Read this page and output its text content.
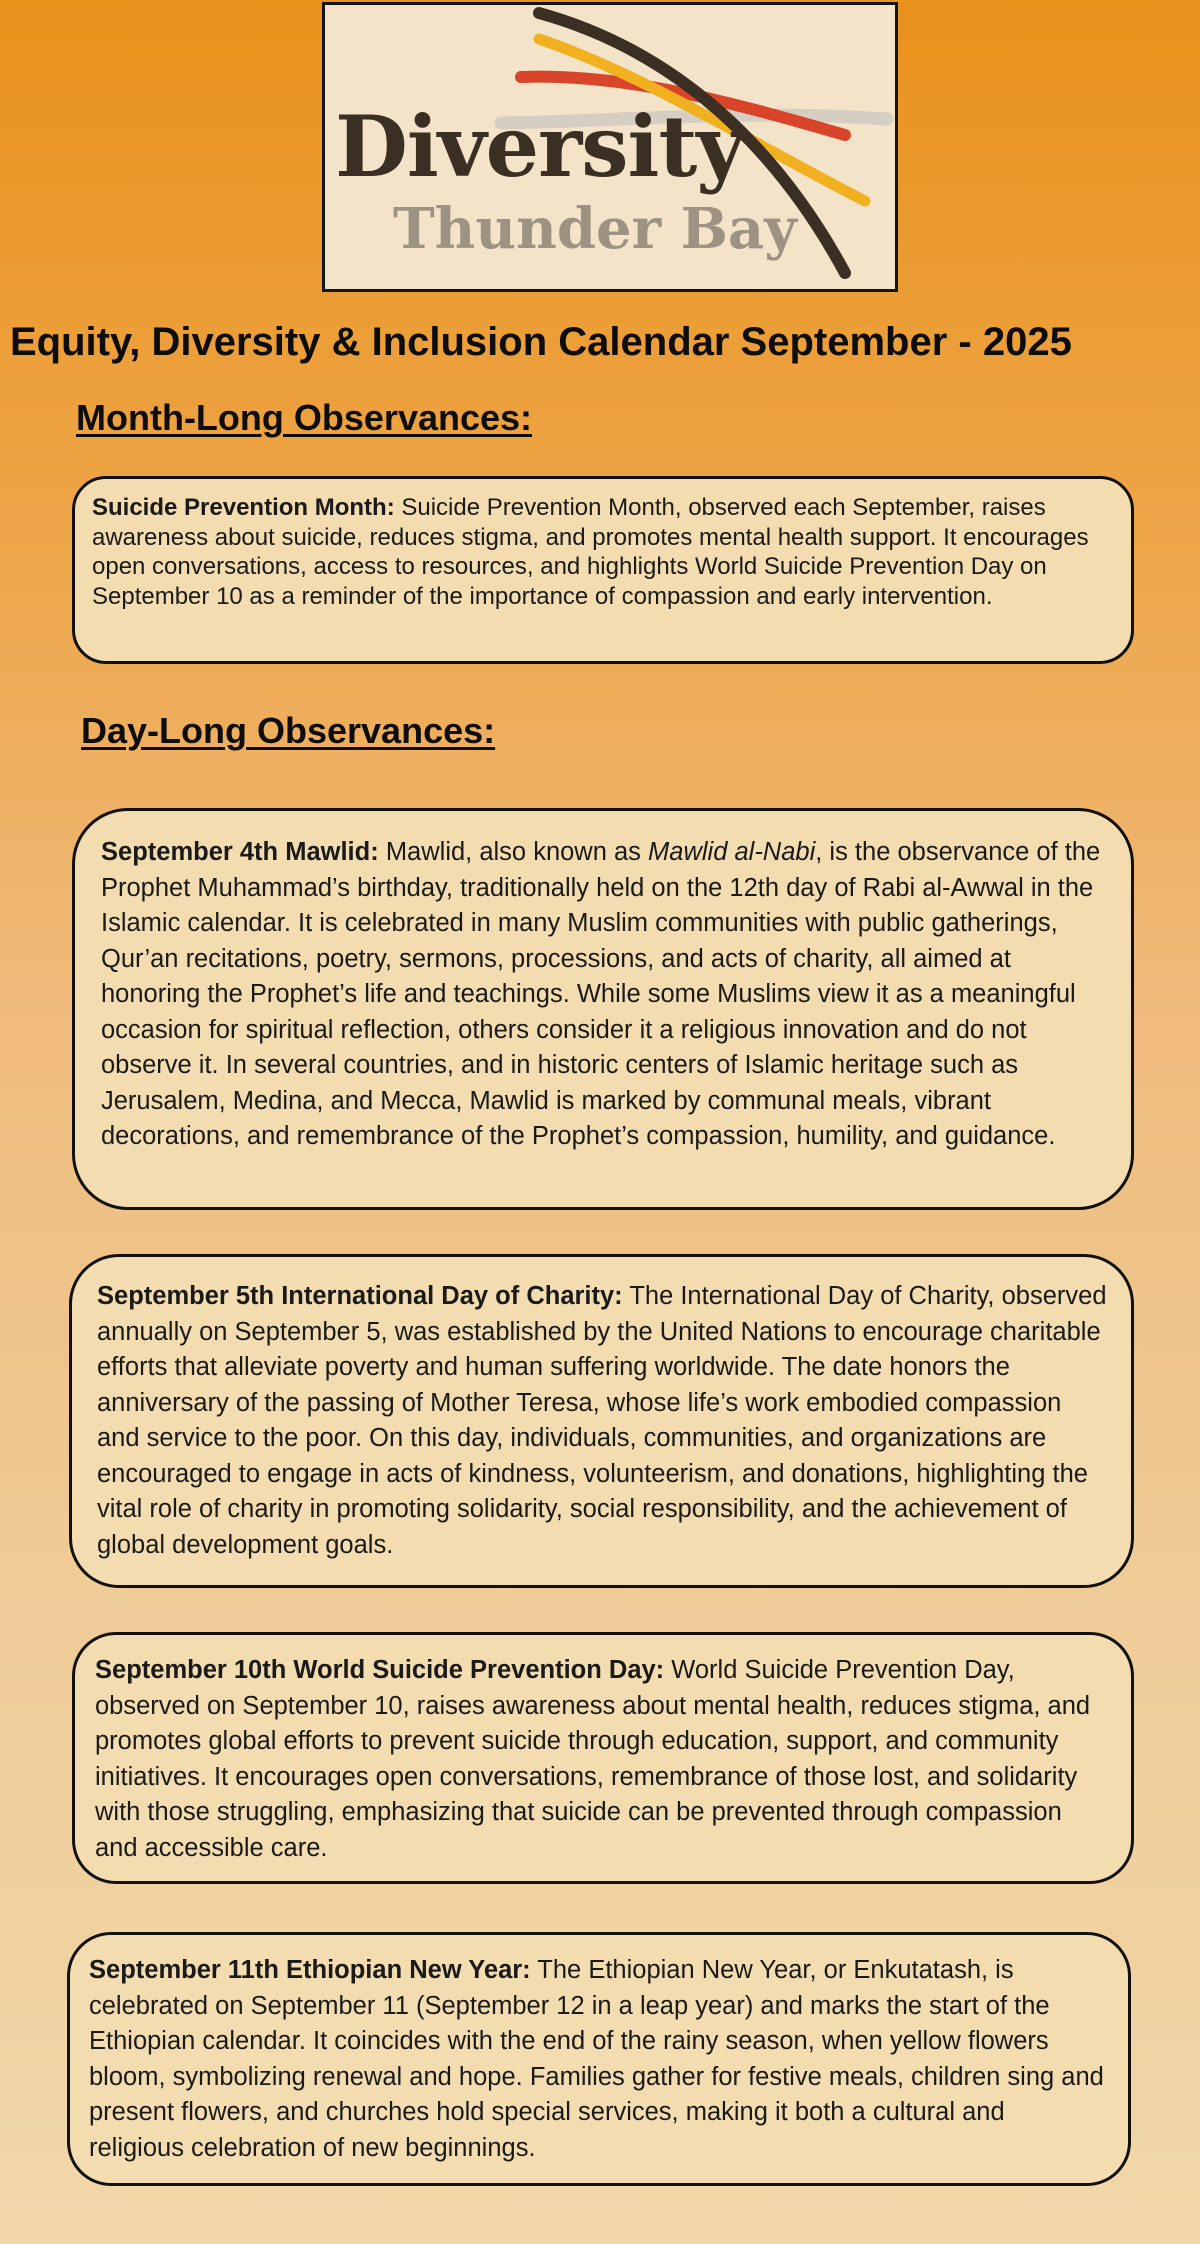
Diversity
Thunder Bay
Equity, Diversity & Inclusion Calendar September - 2025
Month-Long Observances:

Suicide Prevention Month: Suicide Prevention Month, observed each September, raises awareness about suicide, reduces stigma, and promotes mental health support. It encourages open conversations, access to resources, and highlights World Suicide Prevention Day on September 10 as a reminder of the importance of compassion and early intervention.

Day-Long Observances:

September 4th Mawlid: Mawlid, also known as Mawlid al-Nabi, is the observance of the Prophet Muhammad’s birthday, traditionally held on the 12th day of Rabi al-Awwal in the Islamic calendar. It is celebrated in many Muslim communities with public gatherings, Qur’an recitations, poetry, sermons, processions, and acts of charity, all aimed at honoring the Prophet’s life and teachings. While some Muslims view it as a meaningful occasion for spiritual reflection, others consider it a religious innovation and do not observe it. In several countries, and in historic centers of Islamic heritage such as Jerusalem, Medina, and Mecca, Mawlid is marked by communal meals, vibrant decorations, and remembrance of the Prophet’s compassion, humility, and guidance.

September 5th International Day of Charity: The International Day of Charity, observed annually on September 5, was established by the United Nations to encourage charitable efforts that alleviate poverty and human suffering worldwide. The date honors the anniversary of the passing of Mother Teresa, whose life’s work embodied compassion and service to the poor. On this day, individuals, communities, and organizations are encouraged to engage in acts of kindness, volunteerism, and donations, highlighting the vital role of charity in promoting solidarity, social responsibility, and the achievement of global development goals.

September 10th World Suicide Prevention Day: World Suicide Prevention Day, observed on September 10, raises awareness about mental health, reduces stigma, and promotes global efforts to prevent suicide through education, support, and community initiatives. It encourages open conversations, remembrance of those lost, and solidarity with those struggling, emphasizing that suicide can be prevented through compassion and accessible care.

September 11th Ethiopian New Year: The Ethiopian New Year, or Enkutatash, is celebrated on September 11 (September 12 in a leap year) and marks the start of the Ethiopian calendar. It coincides with the end of the rainy season, when yellow flowers bloom, symbolizing renewal and hope. Families gather for festive meals, children sing and present flowers, and churches hold special services, making it both a cultural and religious celebration of new beginnings.
